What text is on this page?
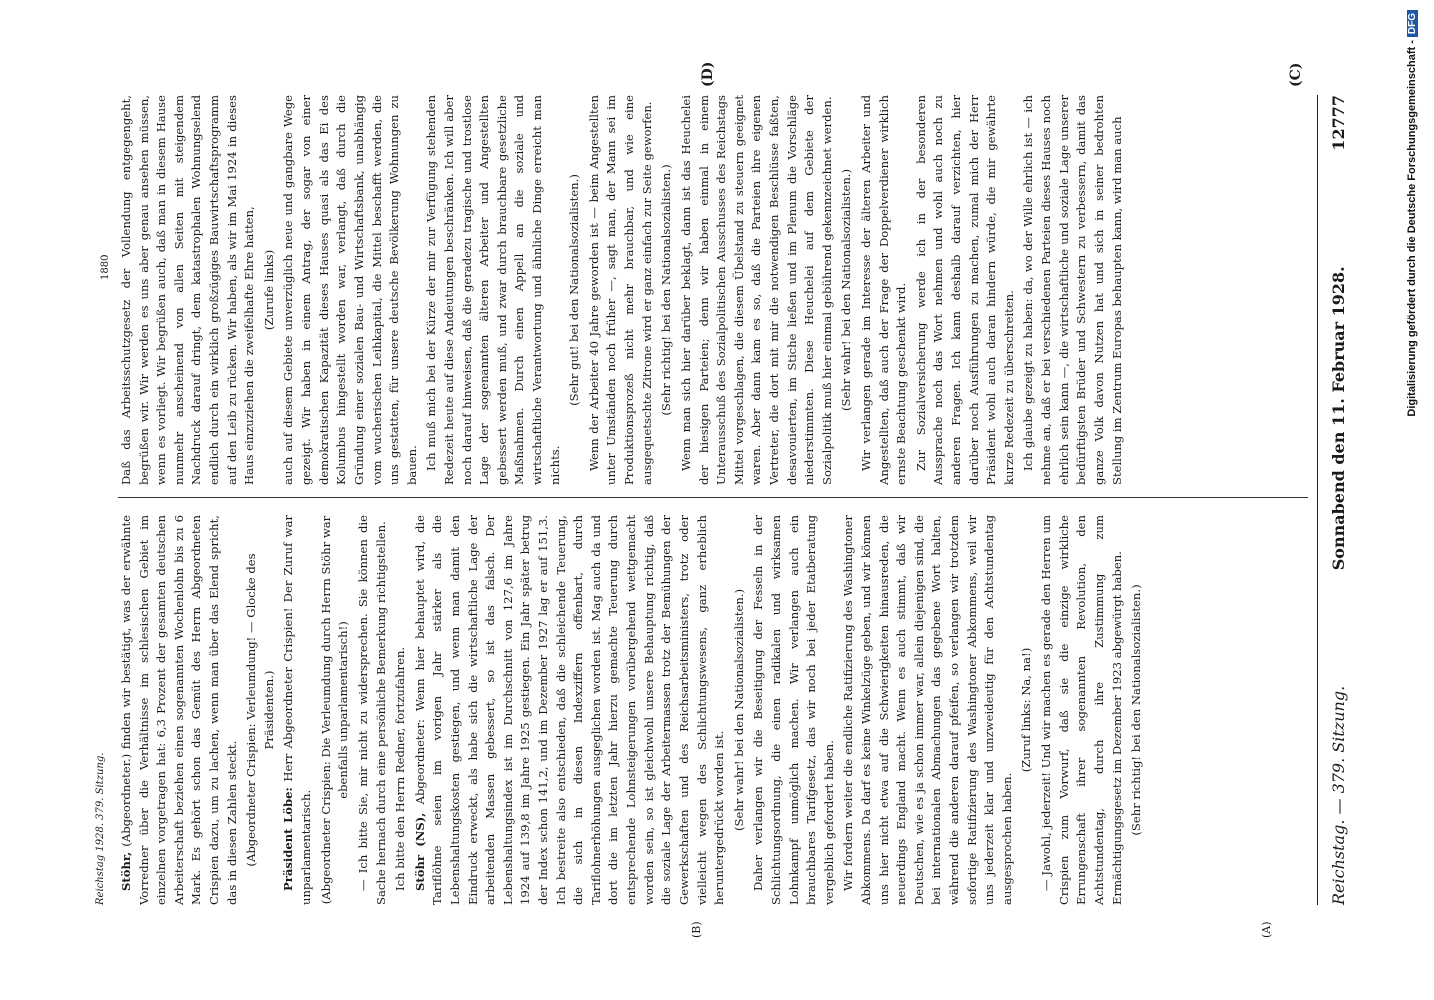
Reichstag. — 379. Sitzung.
Sonnabend den 11. Februar 1928.
12777
(A)
(B)
(C)
(D)

Stöhr, (Abgeordneter.) finden wir bestätigt, was der erwähnte Vorredner über die Verhältnisse im schlesischen Gebiet im einzelnen vorgetragen hat: 6,3 Prozent der gesamten deutschen Arbeiterschaft beziehen einen sogenannten Wochenlohn bis zu 6 Mark. Es gehört schon das Gemüt des Herrn Abgeordneten Crispien dazu, um zu lachen, wenn man über das Elend spricht, das in diesen Zahlen steckt. (Abgeordneter Crispien: Verleumdung! — Glocke des Präsidenten.)

Präsident Löbe: Herr Abgeordneter Crispien! Der Zuruf war unparlamentarisch. (Abgeordneter Crispien: Die Verleumdung durch Herrn Stöhr war ebenfalls unparlamentarisch!) — Ich bitte Sie, mir nicht zu widersprechen. Sie können die Sache hernach durch eine persönliche Bemerkung richtigstellen. Ich bitte den Herrn Redner, fortzufahren. Stöhr (NS), Abgeordneter: Wenn hier behauptet wird, die Tariflöhne seien im vorigen Jahr stärker als die Lebenshaltungskosten gestiegen, und wenn man damit den Eindruck erweckt, als habe sich die wirtschaftliche Lage der arbeitenden Massen gebessert, so ist das falsch. Der Lebenshaltungsindex ist im Durchschnitt von 127,6 im Jahre 1924 auf 139,8 im Jahre 1925 gestiegen. Ein Jahr später betrug der Index schon 141,2, und im Dezember 1927 lag er auf 151,3. Ich bestreite also entschieden, daß die schleichende Teuerung, die sich in diesen Indexziffern offenbart, durch Tariflohnerhöhungen ausgeglichen worden ist. Mag auch da und dort die im letzten Jahr hierzu gemachte Teuerung durch entsprechende Lohnsteigerungen vorübergehend wettgemacht worden sein, so ist gleichwohl unsere Behauptung richtig, daß die soziale Lage der Arbeitermassen trotz der Bemühungen der Gewerkschaften und des Reichsarbeitsministers, trotz oder vielleicht wegen des Schlichtungswesens, ganz erheblich heruntergedrückt worden ist. (Sehr wahr! bei den Nationalsozialisten.) Daher verlangen wir die Beseitigung der Fesseln in der Schlichtungsordnung, die einen radikalen und wirksamen Lohnkampf unmöglich machen. Wir verlangen auch ein brauchbares Tarifgesetz, das wir noch bei jeder Etatberatung vergeblich gefordert haben. Wir fordern weiter die endliche Ratifizierung des Washingtoner Abkommens. Da darf es keine Winkelzüge geben, und wir können uns hier nicht etwa auf die Schwierigkeiten hinausreden, die neuerdings England macht. Wenn es auch stimmt, daß wir Deutschen, wie es ja schon immer war, allein diejenigen sind, die bei internationalen Abmachungen das gegebene Wort halten, während die anderen darauf pfeifen, so verlangen wir trotzdem sofortige Ratifizierung des Washingtoner Abkommens, weil wir uns jederzeit klar und unzweideutig für den Achtstundentag ausgesprochen haben.

(Zuruf links: Na, na!) — Jawohl, jederzeit! Und wir machen es gerade den Herren um Crispien zum Vorwurf, daß sie die einzige wirkliche Errungenschaft ihrer sogenannten Revolution, den Achtstundentag, durch ihre Zustimmung zum Ermächtigungsgesetz im Dezember 1923 abgewürgt haben. (Sehr richtig! bei den Nationalsozialisten.)

Daß das Arbeitsschutzgesetz der Vollendung entgegengeht, begrüßen wir. Wir werden es uns aber genau ansehen müssen, wenn es vorliegt. Wir begrüßen auch, daß man in diesem Hause nunmehr anscheinend von allen Seiten mit steigendem Nachdruck darauf dringt, dem katastrophalen Wohnungselend endlich durch ein wirklich großzügiges Bauwirtschaftsprogramm auf den Leib zu rücken. Wir haben, als wir im Mai 1924 in dieses Haus einzuziehen die zweifelhafte Ehre hatten, (Zurufe links) auch auf diesem Gebiete unverzüglich neue und gangbare Wege gezeigt. Wir haben in einem Antrag, der sogar von einer demokratischen Kapazität dieses Hauses quasi als das Ei des Kolumbus hingestellt worden war, verlangt, daß durch die Gründung einer sozialen Bau- und Wirtschaftsbank, unabhängig vom wucherischen Leihkapital, die Mittel beschafft werden, die uns gestatten, für unsere deutsche Bevölkerung Wohnungen zu bauen. Ich muß mich bei der Kürze der mir zur Verfügung stehenden Redezeit heute auf diese Andeutungen beschränken. Ich will aber noch darauf hinweisen, daß die geradezu tragische und trostlose Lage der sogenannten älteren Arbeiter und Angestellten gebessert werden muß, und zwar durch brauchbare gesetzliche Maßnahmen. Durch einen Appell an die soziale und wirtschaftliche Verantwortung und ähnliche Dinge erreicht man nichts.

(Sehr gut! bei den Nationalsozialisten.) Wenn der Arbeiter 40 Jahre geworden ist — beim Angestellten unter Umständen noch früher —, sagt man, der Mann sei im Produktionsprozeß nicht mehr brauchbar, und wie eine ausgequetschte Zitrone wird er ganz einfach zur Seite geworfen. (Sehr richtig! bei den Nationalsozialisten.) Wenn man sich hier darüber beklagt, dann ist das Heuchelei der hiesigen Parteien; denn wir haben einmal in einem Unterausschuß des Sozialpolitischen Ausschusses des Reichstags Mittel vorgeschlagen, die diesem Übelstand zu steuern geeignet waren. Aber dann kam es so, daß die Parteien ihre eigenen Vertreter, die dort mit mir die notwendigen Beschlüsse faßten, desavouierten, im Stiche ließen und im Plenum die Vorschläge niederstimmten. Diese Heuchelei auf dem Gebiete der Sozialpolitik muß hier einmal gebührend gekennzeichnet werden. (Sehr wahr! bei den Nationalsozialisten.) Wir verlangen gerade im Interesse der älteren Arbeiter und Angestellten, daß auch der Frage der Doppelverdiener wirklich ernste Beachtung geschenkt wird. Zur Sozialversicherung werde ich in der besonderen Aussprache noch das Wort nehmen und wohl auch noch zu anderen Fragen. Ich kann deshalb darauf verzichten, hier darüber noch Ausführungen zu machen, zumal mich der Herr Präsident wohl auch daran hindern würde, die mir gewährte kurze Redezeit zu überschreiten. Ich glaube gezeigt zu haben: da, wo der Wille ehrlich ist — ich nehme an, daß er bei verschiedenen Parteien dieses Hauses noch ehrlich sein kann —, die wirtschaftliche und soziale Lage unserer bedürftigsten Brüder und Schwestern zu verbessern, damit das ganze Volk davon Nutzen hat und sich in seiner bedrohten Stellung im Zentrum Europas behaupten kann, wird man auch

Reichstag 1928. 379. Sitzung.
1880	Digitalisierung gefördert durch die Deutsche Forschungsgemeinschaft -DFG
